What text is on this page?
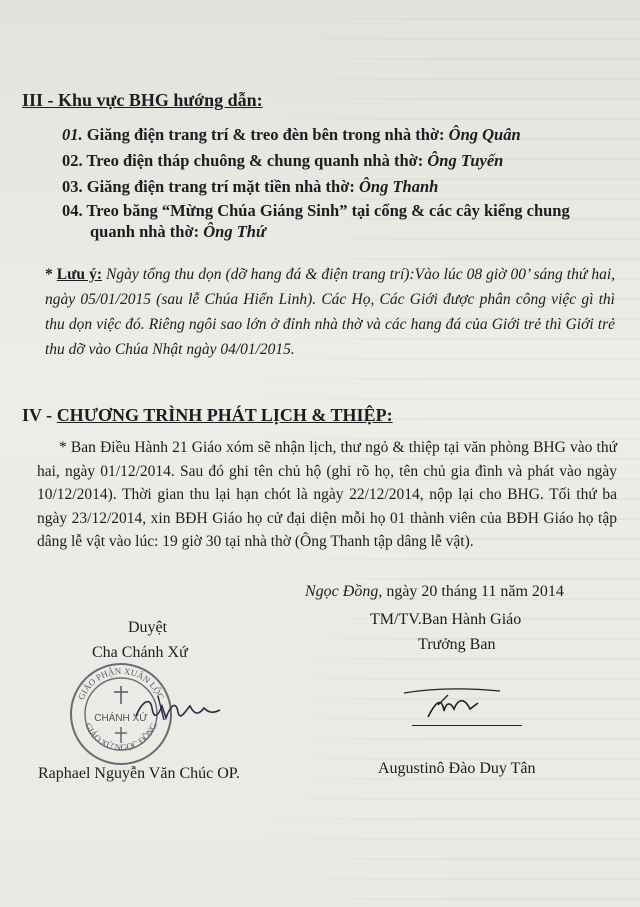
III - Khu vực BHG hướng dẫn:
01. Giăng điện trang trí & treo đèn bên trong nhà thờ: Ông Quân
02. Treo điện tháp chuông & chung quanh nhà thờ: Ông Tuyến
03. Giăng điện trang trí mặt tiền nhà thờ: Ông Thanh
04. Treo băng “Mừng Chúa Giáng Sinh” tại cổng & các cây kiểng chung
quanh nhà thờ: Ông Thứ
* Lưu ý: Ngày tổng thu dọn (dỡ hang đá & điện trang trí):Vào lúc 08 giờ 00’ sáng thứ hai, ngày 05/01/2015 (sau lễ Chúa Hiển Linh). Các Họ, Các Giới được phân công việc gì thì thu dọn việc đó. Riêng ngôi sao lớn ở đỉnh nhà thờ và các hang đá của Giới trẻ thì Giới trẻ thu dỡ vào Chúa Nhật ngày 04/01/2015.
IV - CHƯƠNG TRÌNH PHÁT LỊCH & THIỆP:
* Ban Điều Hành 21 Giáo xóm sẽ nhận lịch, thư ngỏ & thiệp tại văn phòng BHG vào thứ hai, ngày 01/12/2014. Sau đó ghi tên chủ hộ (ghi rõ họ, tên chủ gia đình và phát vào ngày 10/12/2014). Thời gian thu lại hạn chót là ngày 22/12/2014, nộp lại cho BHG. Tối thứ ba ngày 23/12/2014, xin BĐH Giáo họ cử đại diện mỗi họ 01 thành viên của BĐH Giáo họ tập dâng lễ vật vào lúc: 19 giờ 30 tại nhà thờ (Ông Thanh tập dâng lễ vật).
Ngọc Đồng, ngày 20 tháng 11 năm 2014
Duyệt
Cha Chánh Xứ
GIÁO PHẬN XUÂN LỘC
GIÁO XỨ NGỌC ĐỒNG
CHÁNH XỨ
Raphael Nguyễn Văn Chúc OP.
TM/TV.Ban Hành Giáo
Trưởng Ban
Augustinô Đào Duy Tân
